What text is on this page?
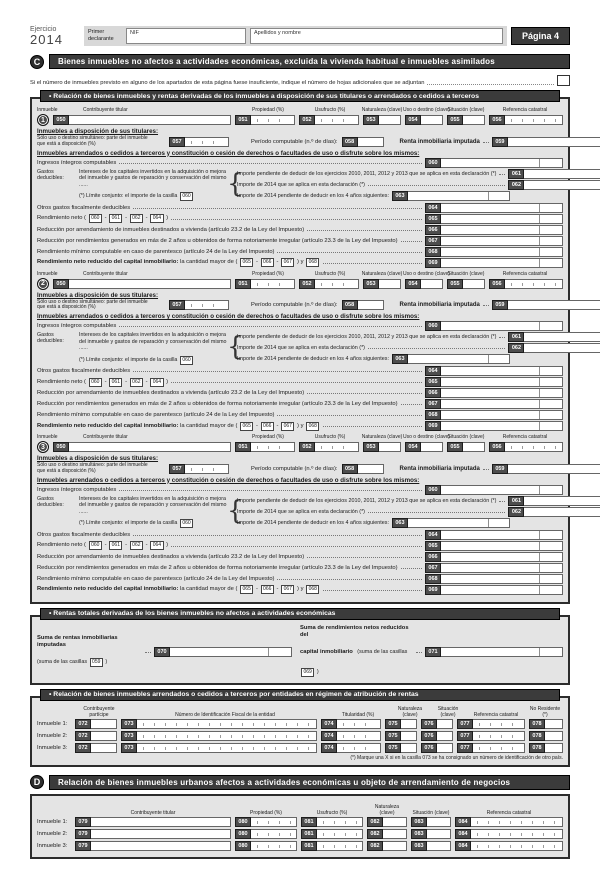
Ejercicio
2014	Primer declarante
NIF	Apellidos y nombre	Página 4
C	Bienes inmuebles no afectos a actividades económicas, excluida la vivienda habitual e inmuebles asimilados
Si el número de inmuebles previsto en alguno de los apartados de esta página fuese insuficiente, indique el número de hojas adicionales que se adjuntan
• Relación de bienes inmuebles y rentas derivadas de los inmuebles a disposición de sus titulares o arrendados o cedidos a terceros
Inmueble	Contribuyente titular	Propiedad (%)	Usufructo (%)	Naturaleza (clave) Uso o destino (clave)
Situación (clave)	Referencia catastral
1	050	051	052	053	054	055	056
Inmuebles a disposición de sus titulares:
Sólo uso o destino simultáneo: parte del inmueble
que está a disposición (%)	057	Período computable (n.º de días):	058	Renta inmobiliaria imputada	059
Inmuebles arrendados o cedidos a terceros y constitución o cesión de derechos o facultades de uso o disfrute sobre los mismos:
Ingresos íntegros computables	060
Gastos deducibles:
Intereses de los capitales invertidos en la adquisición o mejora del inmueble y gastos de reparación y conservación del mismo ......
(*) Límite conjunto: el importe de la casilla 060	{
Importe pendiente de deducir de los ejercicios 2010, 2011, 2012 y 2013 que se aplica en esta declaración (*)	061
Importe de 2014 que se aplica en esta declaración (*)	062
Importe de 2014 pendiente de deducir en los 4 años siguientes:	063
Otros gastos fiscalmente deducibles	064
Rendimiento neto ( 060 - 061 - 062 - 064 )	065
Reducción por arrendamiento de inmuebles destinados a vivienda (artículo 23.2 de la Ley del Impuesto)	066
Reducción por rendimientos generados en más de 2 años u obtenidos de forma notoriamente irregular (artículo 23.3 de la Ley del Impuesto)	067
Rendimiento mínimo computable en caso de parentesco (artículo 24 de la Ley del Impuesto)	068
Rendimiento neto reducido del capital inmobiliario: la cantidad mayor de ( 065 - 066 - 067 ) y 068	069
Inmueble	Contribuyente titular	Propiedad (%)	Usufructo (%)	Naturaleza (clave) Uso o destino (clave)
Situación (clave)	Referencia catastral
2	050	051	052	053	054	055	056
Inmuebles a disposición de sus titulares:
Sólo uso o destino simultáneo: parte del inmueble
que está a disposición (%)	057	Período computable (n.º de días):	058	Renta inmobiliaria imputada	059
Inmuebles arrendados o cedidos a terceros y constitución o cesión de derechos o facultades de uso o disfrute sobre los mismos:
Ingresos íntegros computables	060
Gastos deducibles:
Intereses de los capitales invertidos en la adquisición o mejora del inmueble y gastos de reparación y conservación del mismo ......
(*) Límite conjunto: el importe de la casilla 060	{
Importe pendiente de deducir de los ejercicios 2010, 2011, 2012 y 2013 que se aplica en esta declaración (*)	061
Importe de 2014 que se aplica en esta declaración (*)	062
Importe de 2014 pendiente de deducir en los 4 años siguientes:	063
Otros gastos fiscalmente deducibles	064
Rendimiento neto ( 060 - 061 - 062 - 064 )	065
Reducción por arrendamiento de inmuebles destinados a vivienda (artículo 23.2 de la Ley del Impuesto)	066
Reducción por rendimientos generados en más de 2 años u obtenidos de forma notoriamente irregular (artículo 23.3 de la Ley del Impuesto)	067
Rendimiento mínimo computable en caso de parentesco (artículo 24 de la Ley del Impuesto)	068
Rendimiento neto reducido del capital inmobiliario: la cantidad mayor de ( 065 - 066 - 067 ) y 068	069
Inmueble	Contribuyente titular	Propiedad (%)	Usufructo (%)	Naturaleza (clave) Uso o destino (clave)
Situación (clave)	Referencia catastral
3	050	051	052	053	054	055	056
Inmuebles a disposición de sus titulares:
Sólo uso o destino simultáneo: parte del inmueble
que está a disposición (%)	057	Período computable (n.º de días):	058	Renta inmobiliaria imputada	059
Inmuebles arrendados o cedidos a terceros y constitución o cesión de derechos o facultades de uso o disfrute sobre los mismos:
Ingresos íntegros computables	060
Gastos deducibles:
Intereses de los capitales invertidos en la adquisición o mejora del inmueble y gastos de reparación y conservación del mismo ......
(*) Límite conjunto: el importe de la casilla 060	{
Importe pendiente de deducir de los ejercicios 2010, 2011, 2012 y 2013 que se aplica en esta declaración (*)	061
Importe de 2014 que se aplica en esta declaración (*)	062
Importe de 2014 pendiente de deducir en los 4 años siguientes:	063
Otros gastos fiscalmente deducibles	064
Rendimiento neto ( 060 - 061 - 062 - 064 )	065
Reducción por arrendamiento de inmuebles destinados a vivienda (artículo 23.2 de la Ley del Impuesto)	066
Reducción por rendimientos generados en más de 2 años u obtenidos de forma notoriamente irregular (artículo 23.3 de la Ley del Impuesto)	067
Rendimiento mínimo computable en caso de parentesco (artículo 24 de la Ley del Impuesto)	068
Rendimiento neto reducido del capital inmobiliario: la cantidad mayor de ( 065 - 066 - 067 ) y 068	069
• Rentas totales derivadas de los bienes inmuebles no afectos a actividades económicas
Suma de rentas inmobiliarias imputadas
(suma de las casillas 059 )
070
Suma de rendimientos netos reducidos del
capital inmobiliario (suma de las casillas 069 )
071
• Relación de bienes inmuebles arrendados o cedidos a terceros por entidades en régimen de atribución de rentas
Contribuyente partícipe	Número de Identificación Fiscal de la entidad	Titularidad (%)
Naturaleza (clave)
Situación (clave)	Referencia catastral
No Residente (*)
Inmueble 1:	072	073	074	075	076	077	078
Inmueble 2:	072	073	074	075	076	077	078
Inmueble 3:	072	073	074	075	076	077	078
(*) Marque una X si en la casilla 073 se ha consignado un número de identificación de otro país.
D	Relación de bienes inmuebles urbanos afectos a actividades económicas u objeto de arrendamiento de negocios
Contribuyente titular	Propiedad (%)	Usufructo (%)
Naturaleza (clave)	Situación (clave)	Referencia catastral
Inmueble 1:	079	080	081	082	083	084
Inmueble 2:	079	080	081	082	083	084
Inmueble 3:	079	080	081	082	083	084
